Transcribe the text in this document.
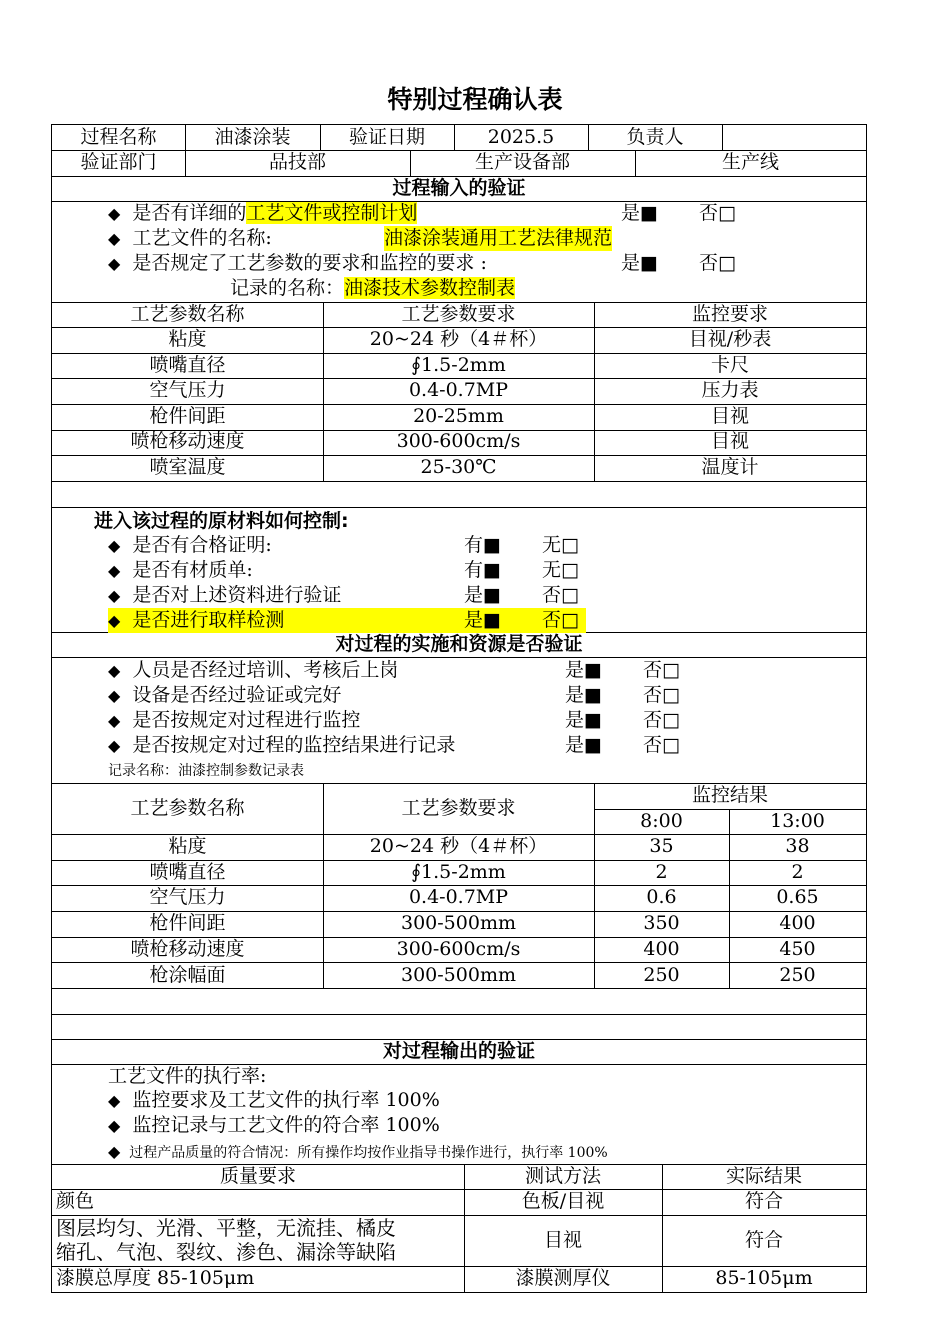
特别过程确认表
过程名称	油漆涂装	验证日期	2025.5	负责人
验证部门	品技部	生产设备部	生产线
过程输入的验证
◆ 是否有详细的工艺文件或控制计划	是■ 否□
◆ 工艺文件的名称:	油漆涂装通用工艺法律规范
◆ 是否规定了工艺参数的要求和监控的要求 :	是■ 否□
记录的名称：油漆技术参数控制表
工艺参数名称	工艺参数要求	监控要求
粘度	20~24 秒（4＃杯）	目视/秒表
喷嘴直径	∮1.5-2mm	卡尺
空气压力	0.4-0.7MP	压力表
枪件间距	20-25mm	目视
喷枪移动速度	300-600cm/s	目视
喷室温度	25-30℃	温度计
进入该过程的原材料如何控制:
◆ 是否有合格证明:	有■ 无□
◆ 是否有材质单:	有■ 无□
◆ 是否对上述资料进行验证	是■ 否□
◆ 是否进行取样检测	是■ 否□
对过程的实施和资源是否验证
◆ 人员是否经过培训、考核后上岗	是■ 否□
◆ 设备是否经过验证或完好	是■ 否□
◆ 是否按规定对过程进行监控	是■ 否□
◆ 是否按规定对过程的监控结果进行记录	是■ 否□
记录名称：油漆控制参数记录表
工艺参数名称	工艺参数要求
监控结果
8:00	13:00
粘度	20~24 秒（4＃杯）	35	38
喷嘴直径	∮1.5-2mm	2	2
空气压力	0.4-0.7MP	0.6	0.65
枪件间距	300-500mm	350	400
喷枪移动速度	300-600cm/s	400	450
枪涂幅面	300-500mm	250	250
对过程输出的验证
工艺文件的执行率:
◆ 监控要求及工艺文件的执行率 100%
◆ 监控记录与工艺文件的符合率 100%
◆ 过程产品质量的符合情况：所有操作均按作业指导书操作进行，执行率 100%
质量要求	测试方法	实际结果
颜色	色板/目视	符合
图层均匀、光滑、平整，无流挂、橘皮
缩孔、气泡、裂纹、渗色、漏涂等缺陷	目视	符合
漆膜总厚度 85-105μm	漆膜测厚仪	85-105μm
